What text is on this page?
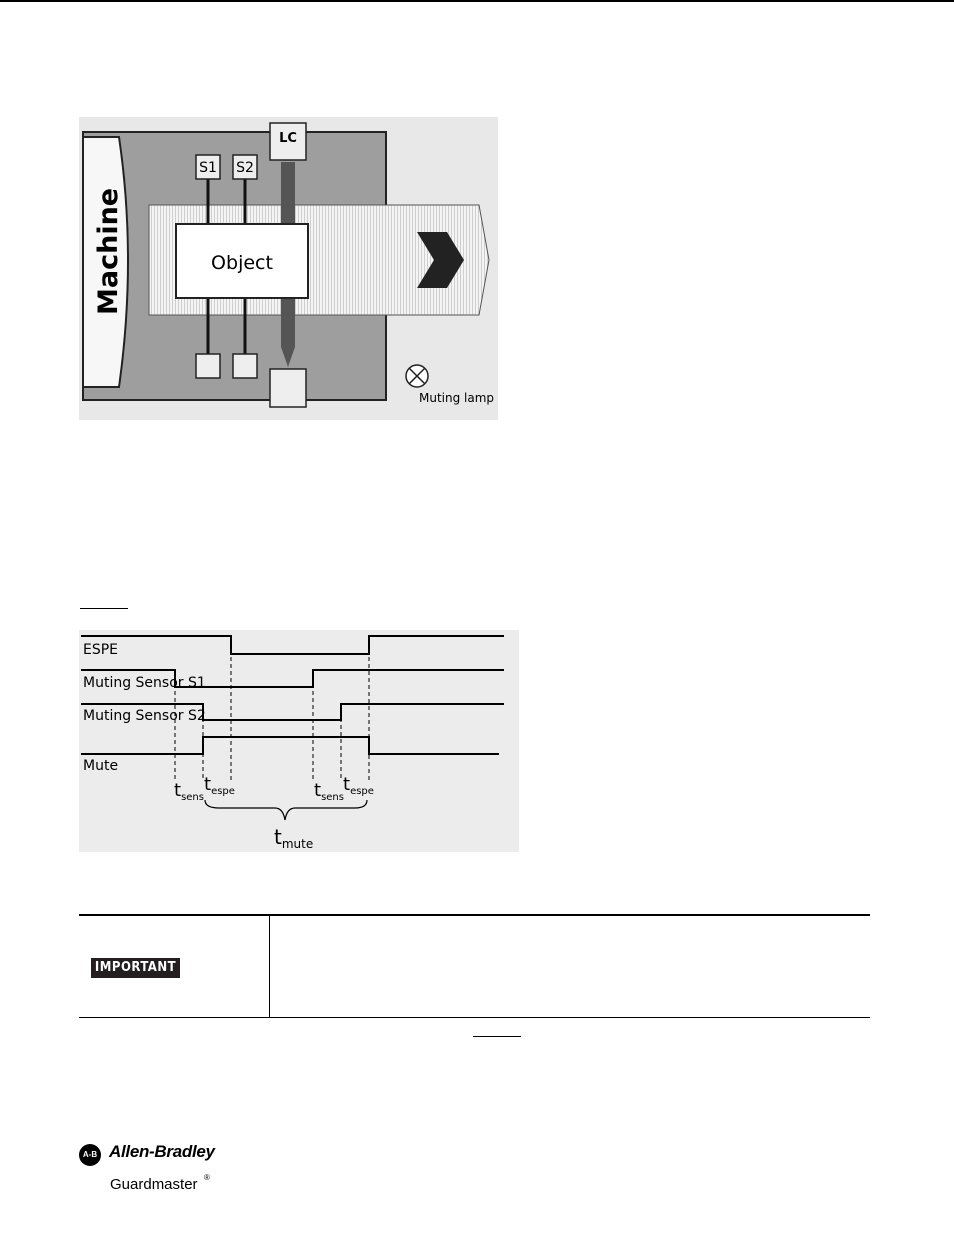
Machine	Object
S1 S2
LC
Muting lamp
ESPE
Muting Sensor S1
Muting Sensor S2
Mute
$t_{sens}$
$t_{espe}$	$t_{sens}$
$t_{espe}$
$t_{mute}$
IMPORTANT
A-B Allen-Bradley
Guardmaster ®
